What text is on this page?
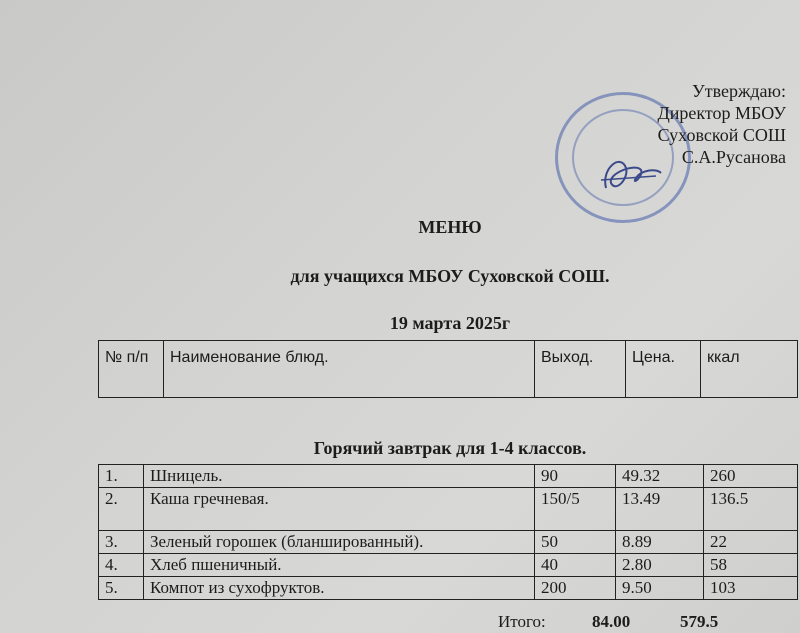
Утверждаю:
Директор МБОУ
Суховской СОШ
С.А.Русанова
МЕНЮ
для учащихся МБОУ Суховской СОШ.
19 марта 2025г
№ п/п	Наименование блюд.	Выход.	Цена.	ккал
Горячий завтрак для 1-4 классов.
1.	Шницель.	90	49.32	260
2.	Каша гречневая.	150/5	13.49	136.5
3.	Зеленый горошек (бланшированный).	50	8.89	22
4.	Хлеб пшеничный.	40	2.80	58
5.	Компот из сухофруктов.	200	9.50	103
Итого:	84.00	579.5
